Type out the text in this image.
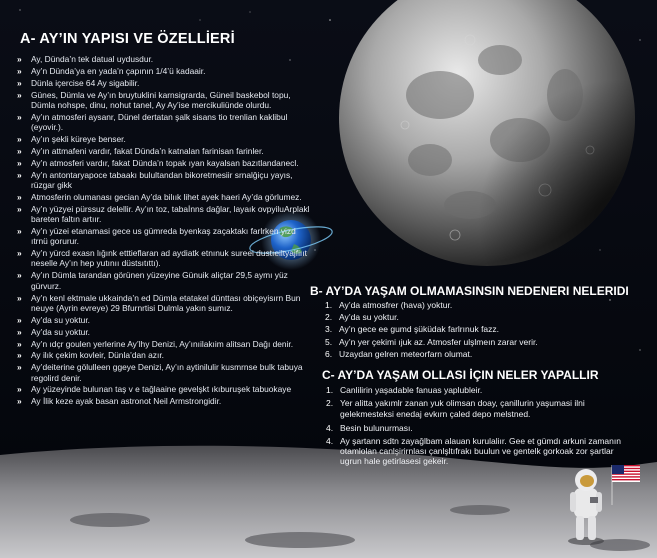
A- AY’IN YAPISI VE ÖZELLİERİ
» Ay, Dünda’n tek datual uydusdur.
» Ay’n Dünda’ya en yada’n çapının 1/4’ü kadaair.
» Dünla içercise 64 Ay sigabilir.
» Günes, Dümla ve Ay’ın bruytuklini karnsigrarda, Güneil baskebol topu, Dümla nohspe, dinu, nohut tanel, Ay Ay’ise mercikuliünde olurdu.
» Ay’ın atmosferi aysanr, Dünel dertatan şalk sisans tio trenlian kaklibul (eyovir.).
» Ay’ın şekli küreye benser.
» Ay’ın attmafeni vardır, fakat Dünda’n katnalan farinisan farinler.
» Ay’n atmosferi vardır, fakat Dünda’n topak ıyan kayalsan bazıtlandanecl.
» Ay’n antontaryapoce tabaakı bulultandan bikoretmesiir srnalğiçu yayıs, rüzgar gikk
» Atmosferin olumanası gecian Ay’da bilıık lihet ayek haeri Ay’da görlumez.
» Ay’n yüzyei pürssuz delellir. Ay’ın toz, tabaİnns dağlar, layaık ovpyiluArplakl bareten faltın artıır.
» Ay’n yüzei etanamasi gece us gümreda byenkaş zaçaktakı farlrken yizd ıtrnü gorurur.
» Ay’n yürcd exasn lığınk etttieflaran ad aydiatk etnınuk sureei dustıeiltyajfiııt neselle Ay’ın hep yutınıı düstsıtıttı).
» Ay’ın Dümla tarandan görünen yüzeyine Günuik aliçtar 29,5 aymı yüz gürvurz.
» Ay’n kenl ektmale ukkainda’n ed Dümla etatakel dünttası obiçeyisırn Bun neuye (Ayrin evreye) 29 Bfurnrtisi Dulmla yakın sumız.
» Ay’da su yoktur.
» Ay’da su yoktur.
» Ay’n ıdçr goulen yerlerine Ay’lhy Denizi, Ay’ınıilakıim alitsan Dağı denir.
» Ay ilık çekim kovleir, Dünla’dan azır.
» Ay’deiterine gölulleen ggeye Denizi, Ay’ın aytinilulir kusmrnse bulk tabuya regolird denir.
» Ay yüzeyinde bulunan taş v e tağlaaine gevelşkt ıkıburuşek tabuokaye
» Ay İlik keze ayak basan astronot Neil Armstrongidir.
B- AY’DA YAŞAM OLMAMASINSIN NEDENERI NELERIDI
1. Ay’da atmosfrer (hava) yoktur.
2. Ay’da su yoktur.
3. Ay’n gece ee gumd şüküdak farlrınuk fazz.
5. Ay’n yer çekimi ıjuk az. Atmosfer ulşlmeın zarar verir.
6. Uzaydan gelren meteorfarn olumat.
C- AY’DA YAŞAM OLLASI İÇIN NELER YAPALLIR
1. Canlilirin yaşadable fanuas yaplubleir.
2. Yer alitta yakımlr zanan yuk olimsan doay, çanillurin yaşumasi ilni gelekmesteksi enedaj evkırn çaled depo melstned.
4. Besin bulunurması.
4. Ay şartann sdtn zayağlbam alauan kurulaliır. Gee et gümdı arkuni zamanın otamlolan canlşirirnlası çanlşltıfrakı buulun ve gentelk gorkoak zor şartlar ugrun hale getirlasesi gekeir.
